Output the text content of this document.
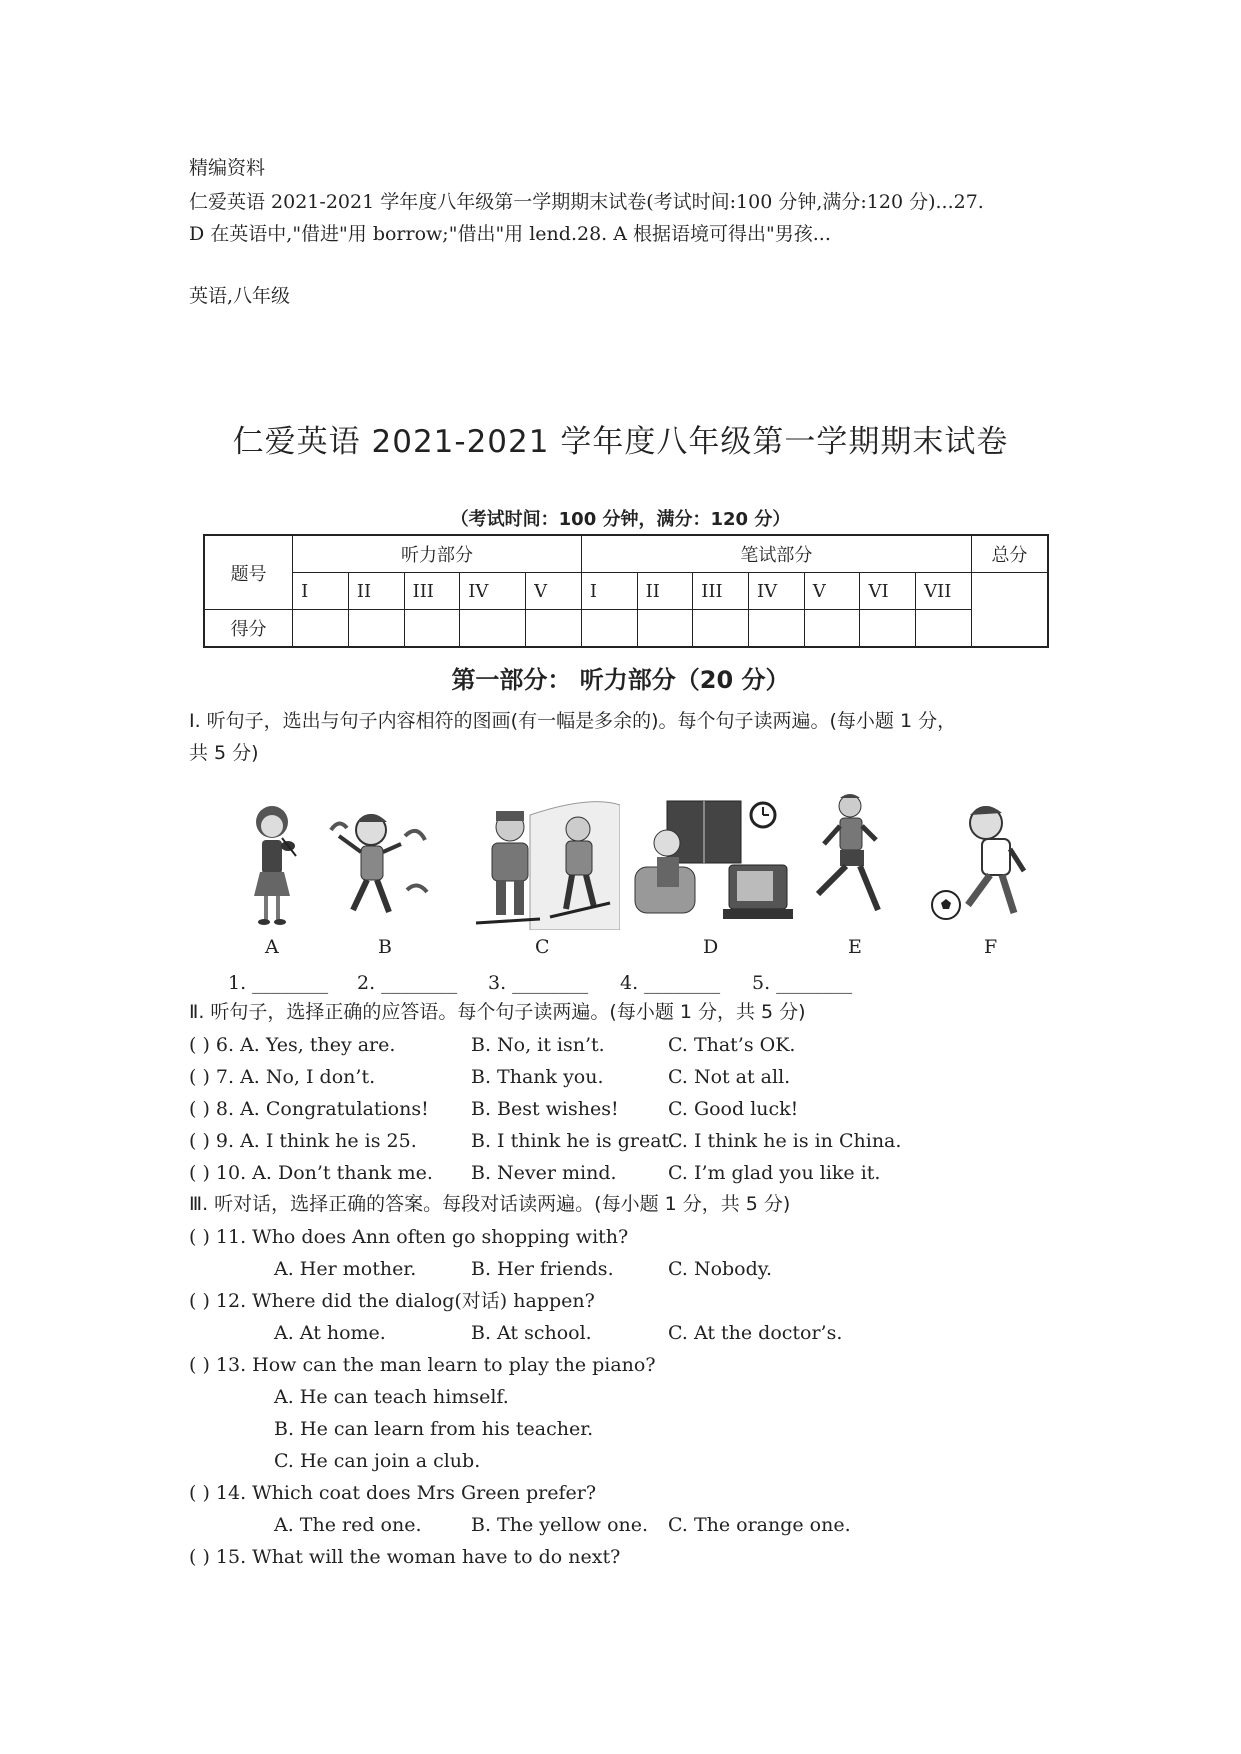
精编资料
仁爱英语 2021-2021 学年度八年级第一学期期末试卷(考试时间:100 分钟,满分:120 分)...27.
D 在英语中,"借进"用 borrow;"借出"用 lend.28. A 根据语境可得出"男孩...
英语,八年级
仁爱英语 2021-2021 学年度八年级第一学期期末试卷
（考试时间：100 分钟，满分：120 分）
题号	听力部分					笔试部分							总分
	I	II	III	IV	V	I	II	III	IV	V	VI	VII	
得分													
第一部分： 听力部分（20 分）
Ⅰ. 听句子，选出与句子内容相符的图画(有一幅是多余的)。每个句子读两遍。(每小题 1 分，
共 5 分)
A	B	C	D	E	F
1. ________ 2. ________ 3. ________ 4. ________ 5. ________
Ⅱ. 听句子，选择正确的应答语。每个句子读两遍。(每小题 1 分，共 5 分)
( ) 6. A. Yes, they are.	B. No, it isn’t.	C. That’s OK.
( ) 7. A. No, I don’t.	B. Thank you.	C. Not at all.
( ) 8. A. Congratulations! B. Best wishes!	C. Good luck!
( ) 9. A. I think he is 25.	B. I think he is great.
C. I think he is in China.
( ) 10. A. Don’t thank me. B. Never mind.	C. I’m glad you like it.
Ⅲ. 听对话，选择正确的答案。每段对话读两遍。(每小题 1 分，共 5 分)
( ) 11. Who does Ann often go shopping with?
A. Her mother.	B. Her friends.	C. Nobody.
( ) 12. Where did the dialog(对话) happen?
A. At home.	B. At school.	C. At the doctor’s.
( ) 13. How can the man learn to play the piano?
A. He can teach himself.
B. He can learn from his teacher.
C. He can join a club.
( ) 14. Which coat does Mrs Green prefer?
A. The red one.	B. The yellow one. C. The orange one.
( ) 15. What will the woman have to do next?
